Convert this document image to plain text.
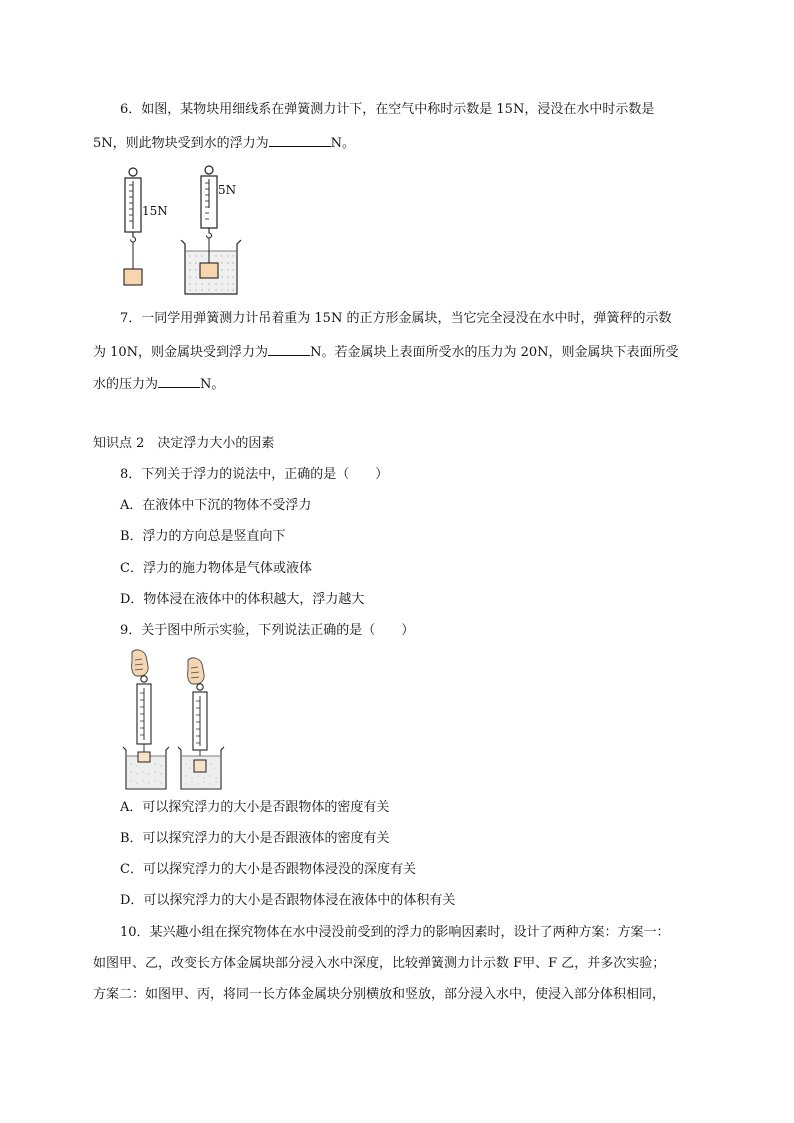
6．如图，某物块用细线系在弹簧测力计下，在空气中称时示数是 15N，浸没在水中时示数是
5N，则此物块受到水的浮力为	N。
15N
5N
7．一同学用弹簧测力计吊着重为 15N 的正方形金属块，当它完全浸没在水中时，弹簧秤的示数
为 10N，则金属块受到浮力为	N。若金属块上表面所受水的压力为 20N，则金属块下表面所受
水的压力为	N。
知识点 2　决定浮力大小的因素
8．下列关于浮力的说法中，正确的是（　　）
A．在液体中下沉的物体不受浮力
B．浮力的方向总是竖直向下
C．浮力的施力物体是气体或液体
D．物体浸在液体中的体积越大，浮力越大
9．关于图中所示实验，下列说法正确的是（　　）
A．可以探究浮力的大小是否跟物体的密度有关
B．可以探究浮力的大小是否跟液体的密度有关
C．可以探究浮力的大小是否跟物体浸没的深度有关
D．可以探究浮力的大小是否跟物体浸在液体中的体积有关
10．某兴趣小组在探究物体在水中浸没前受到的浮力的影响因素时，设计了两种方案：方案一：
如图甲、乙，改变长方体金属块部分浸入水中深度，比较弹簧测力计示数 F甲、F 乙，并多次实验；
方案二：如图甲、丙，将同一长方体金属块分别横放和竖放，部分浸入水中，使浸入部分体积相同，
